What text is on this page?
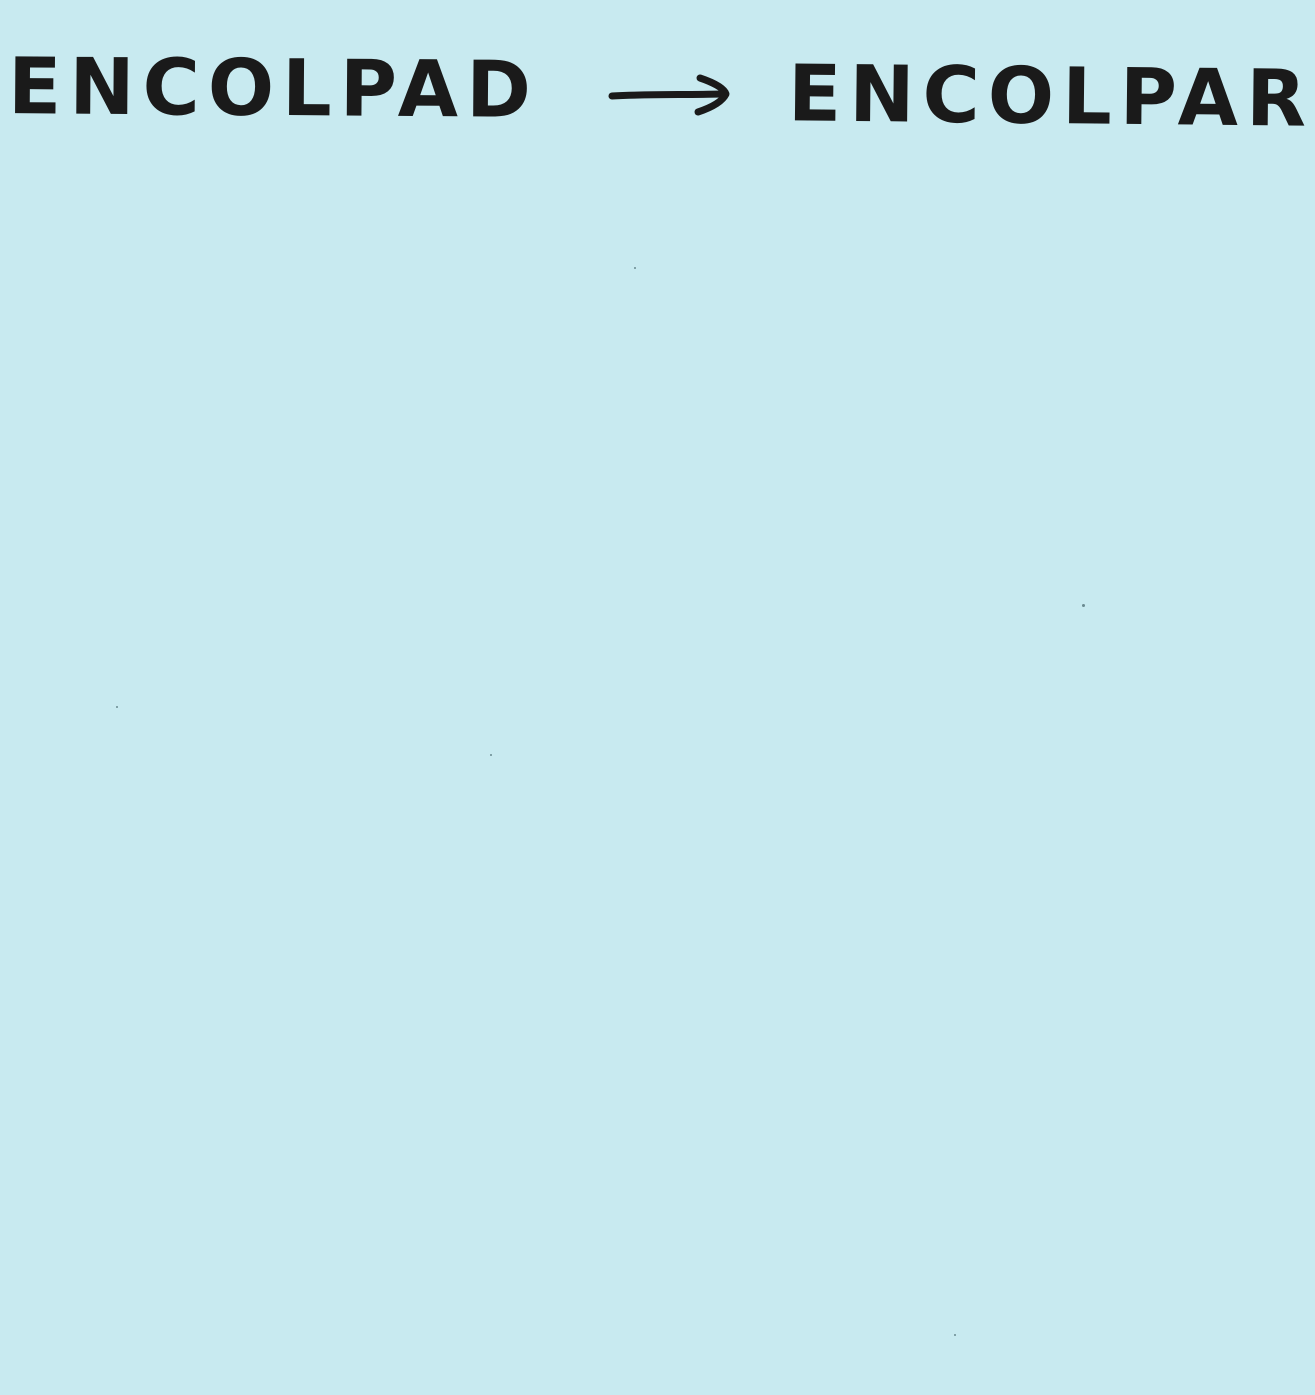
ENCOLPAD	ENCOLPAR
